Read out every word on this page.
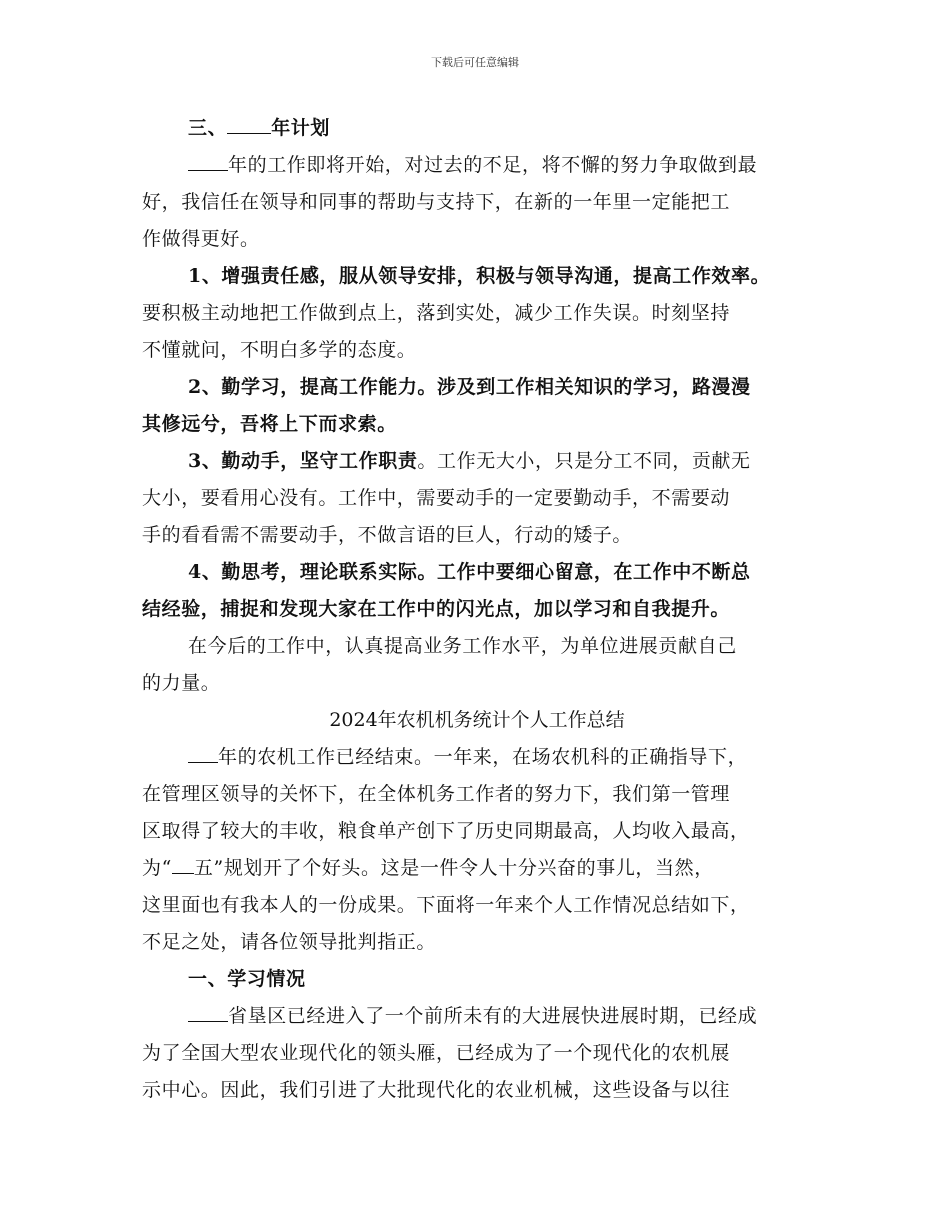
下载后可任意编辑

三、 年计划

年的工作即将开始，对过去的不足，将不懈的努力争取做到最

好，我信任在领导和同事的帮助与支持下，在新的一年里一定能把工

作做得更好。

1、增强责任感，服从领导安排，积极与领导沟通，提高工作效率。

要积极主动地把工作做到点上，落到实处，减少工作失误。时刻坚持

不懂就问，不明白多学的态度。

2、勤学习，提高工作能力。涉及到工作相关知识的学习，路漫漫

其修远兮，吾将上下而求索。

3、勤动手，坚守工作职责。工作无大小，只是分工不同，贡献无

大小，要看用心没有。工作中，需要动手的一定要勤动手，不需要动

手的看看需不需要动手，不做言语的巨人，行动的矮子。

4、勤思考，理论联系实际。工作中要细心留意，在工作中不断总

结经验，捕捉和发现大家在工作中的闪光点，加以学习和自我提升。

在今后的工作中，认真提高业务工作水平，为单位进展贡献自己

的力量。

2024年农机机务统计个人工作总结

年的农机工作已经结束。一年来，在场农机科的正确指导下，

在管理区领导的关怀下，在全体机务工作者的努力下，我们第一管理

区取得了较大的丰收，粮食单产创下了历史同期最高，人均收入最高，

为“ 五”规划开了个好头。这是一件令人十分兴奋的事儿，当然，

这里面也有我本人的一份成果。下面将一年来个人工作情况总结如下，

不足之处，请各位领导批判指正。

一、学习情况

省垦区已经进入了一个前所未有的大进展快进展时期，已经成

为了全国大型农业现代化的领头雁，已经成为了一个现代化的农机展

示中心。因此，我们引进了大批现代化的农业机械，这些设备与以往
